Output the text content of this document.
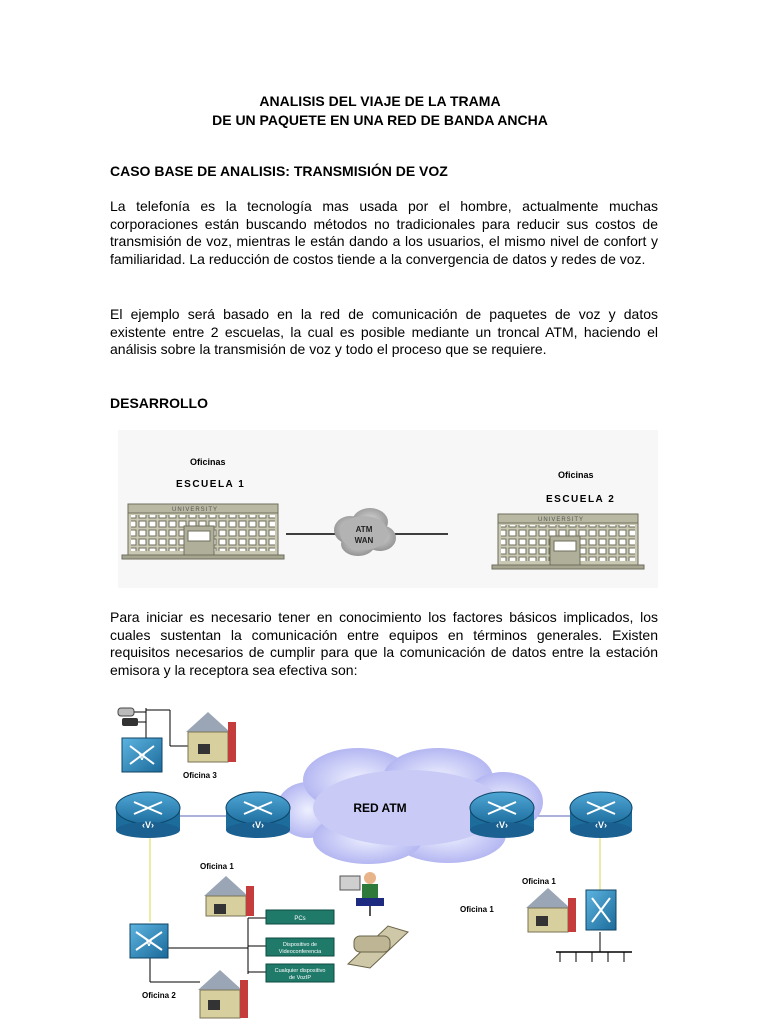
ANALISIS DEL VIAJE DE LA TRAMA
DE UN PAQUETE EN UNA RED DE BANDA ANCHA
CASO BASE DE ANALISIS: TRANSMISIÓN DE VOZ
La telefonía es la tecnología mas usada por el hombre, actualmente muchas corporaciones están buscando métodos no tradicionales para reducir sus costos de transmisión de voz, mientras le están dando a los usuarios, el mismo nivel de confort y familiaridad. La reducción de costos tiende a la convergencia de datos y redes de voz.
El ejemplo será basado en la red de comunicación de paquetes de voz y datos existente entre 2 escuelas, la cual es posible mediante un troncal ATM, haciendo el análisis sobre la transmisión de voz y todo el proceso que se requiere.
DESARROLLO
Oficinas
ESCUELA 1
UNIVERSITY
ATM
WAN
Oficinas
ESCUELA 2
UNIVERSITY
Para iniciar es necesario tener en conocimiento los factores básicos implicados, los cuales sustentan la comunicación entre equipos en términos generales. Existen requisitos necesarios de cumplir para que la comunicación de datos entre la estación emisora y la receptora sea efectiva son:
RED ATM
V
‹V›	‹V›	‹V›	‹V›
Oficina 3
Oficina 1
Oficina 2
Oficina 1
Oficina 1
V
PCs
Dispositivo de
Videoconferencia
Cualquier dispositivo
de VozIP
